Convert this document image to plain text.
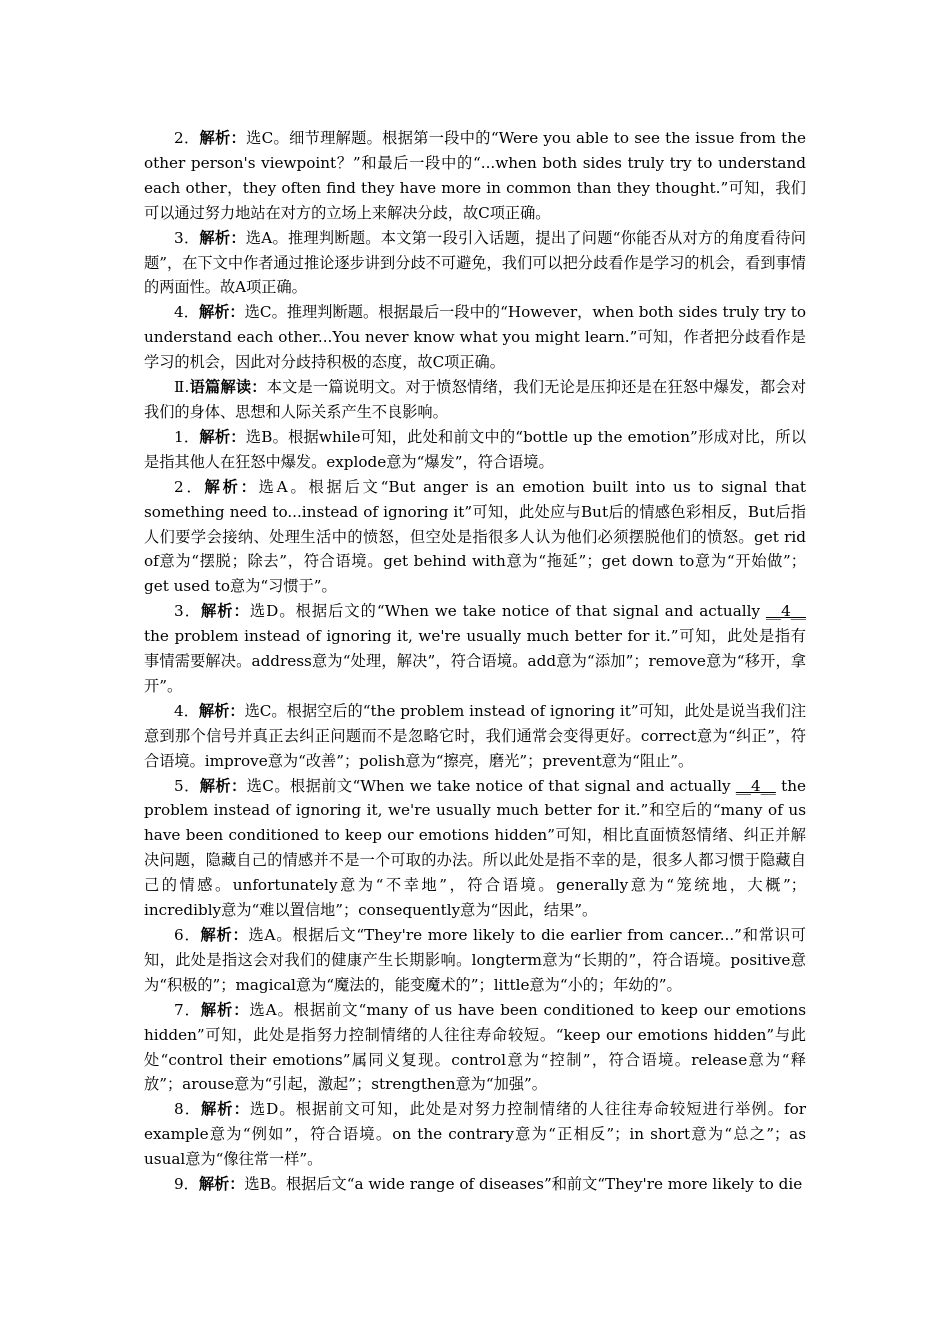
2．解析：选C。细节理解题。根据第一段中的“Were you able to see the issue from the other person's viewpoint？”和最后一段中的“...when both sides truly try to understand each other，they often find they have more in common than they thought.”可知，我们可以通过努力地站在对方的立场上来解决分歧，故C项正确。

3．解析：选A。推理判断题。本文第一段引入话题，提出了问题“你能否从对方的角度看待问题”，在下文中作者通过推论逐步讲到分歧不可避免，我们可以把分歧看作是学习的机会，看到事情的两面性。故A项正确。

4．解析：选C。推理判断题。根据最后一段中的“However，when both sides truly try to understand each other...You never know what you might learn.”可知，作者把分歧看作是学习的机会，因此对分歧持积极的态度，故C项正确。

Ⅱ.语篇解读：本文是一篇说明文。对于愤怒情绪，我们无论是压抑还是在狂怒中爆发，都会对我们的身体、思想和人际关系产生不良影响。

1．解析：选B。根据while可知，此处和前文中的“bottle up the emotion”形成对比，所以是指其他人在狂怒中爆发。explode意为“爆发”，符合语境。

2．解析：选A。根据后文“But anger is an emotion built into us to signal that something need to...instead of ignoring it”可知，此处应与But后的情感色彩相反，But后指人们要学会接纳、处理生活中的愤怒，但空处是指很多人认为他们必须摆脱他们的愤怒。get rid of意为“摆脱；除去”，符合语境。get behind with意为“拖延”；get down to意为“开始做”；get used to意为“习惯于”。

3．解析：选D。根据后文的“When we take notice of that signal and actually __4__ the problem instead of ignoring it, we're usually much better for it.”可知，此处是指有事情需要解决。address意为“处理，解决”，符合语境。add意为“添加”；remove意为“移开，拿开”。

4．解析：选C。根据空后的“the problem instead of ignoring it”可知，此处是说当我们注意到那个信号并真正去纠正问题而不是忽略它时，我们通常会变得更好。correct意为“纠正”，符合语境。improve意为“改善”；polish意为“擦亮，磨光”；prevent意为“阻止”。

5．解析：选C。根据前文“When we take notice of that signal and actually __4__ the problem instead of ignoring it, we're usually much better for it.”和空后的“many of us have been conditioned to keep our emotions hidden”可知，相比直面愤怒情绪、纠正并解决问题，隐藏自己的情感并不是一个可取的办法。所以此处是指不幸的是，很多人都习惯于隐藏自己的情感。unfortunately意为“不幸地”，符合语境。generally意为“笼统地，大概”；incredibly意为“难以置信地”；consequently意为“因此，结果”。

6．解析：选A。根据后文“They're more likely to die earlier from cancer...”和常识可知，此处是指这会对我们的健康产生长期影响。longterm意为“长期的”，符合语境。positive意为“积极的”；magical意为“魔法的，能变魔术的”；little意为“小的；年幼的”。

7．解析：选A。根据前文“many of us have been conditioned to keep our emotions hidden”可知，此处是指努力控制情绪的人往往寿命较短。“keep our emotions hidden”与此处“control their emotions”属同义复现。control意为“控制”，符合语境。release意为“释放”；arouse意为“引起，激起”；strengthen意为“加强”。

8．解析：选D。根据前文可知，此处是对努力控制情绪的人往往寿命较短进行举例。for example意为“例如”，符合语境。on the contrary意为“正相反”；in short意为“总之”；as usual意为“像往常一样”。

9．解析：选B。根据后文“a wide range of diseases”和前文“They're more likely to die
